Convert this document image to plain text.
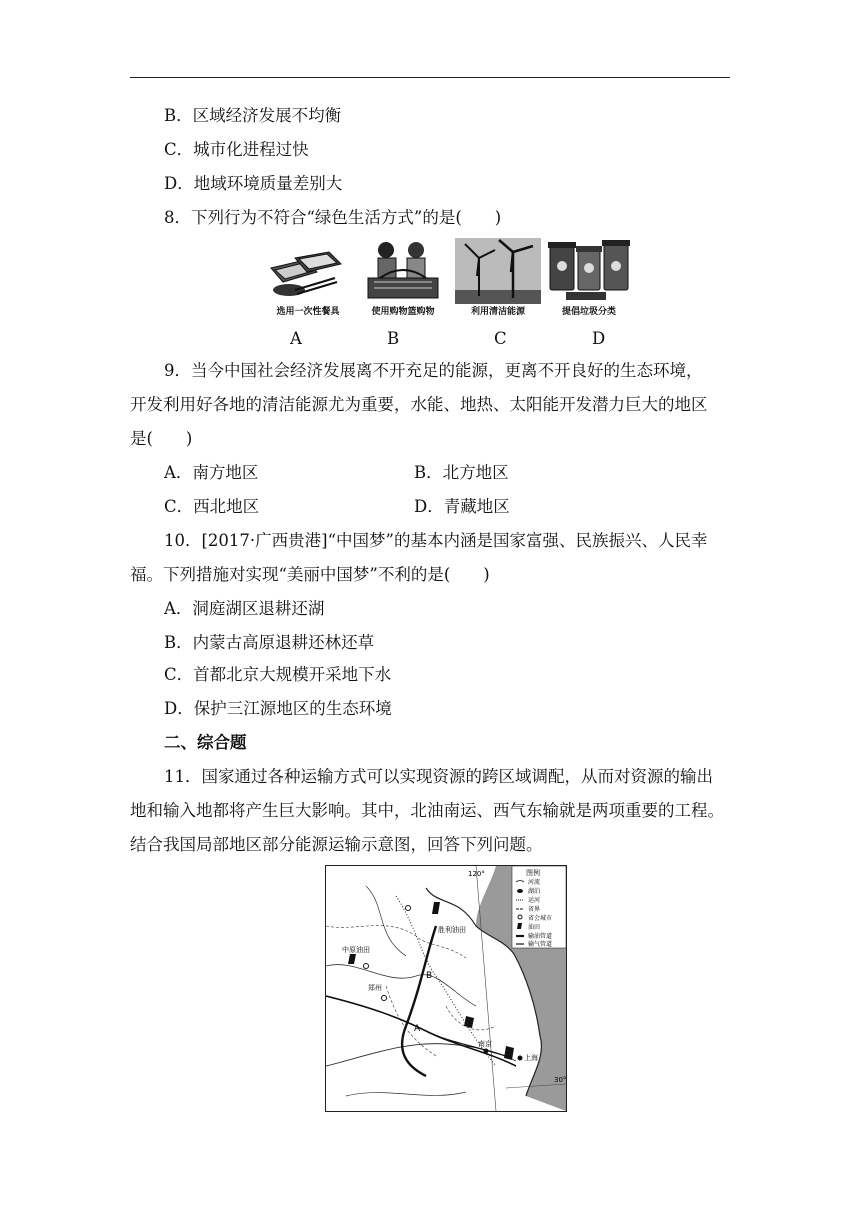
B．区域经济发展不均衡
C．城市化进程过快
D．地域环境质量差别大
8．下列行为不符合“绿色生活方式”的是(　　)
选用一次性餐具	使用购物篮购物	利用清洁能源	提倡垃圾分类
A	B	C	D
9．当今中国社会经济发展离不开充足的能源，更离不开良好的生态环境，
开发利用好各地的清洁能源尤为重要，水能、地热、太阳能开发潜力巨大的地区
是(　　)
A．南方地区	B．北方地区
C．西北地区	D．青藏地区
10．[2017·广西贵港]“中国梦”的基本内涵是国家富强、民族振兴、人民幸
福。下列措施对实现“美丽中国梦”不利的是(　　)
A．洞庭湖区退耕还湖
B．内蒙古高原退耕还林还草
C．首都北京大规模开采地下水
D．保护三江源地区的生态环境
二、综合题
11．国家通过各种运输方式可以实现资源的跨区域调配，从而对资源的输出
地和输入地都将产生巨大影响。其中，北油南运、西气东输就是两项重要的工程。
结合我国局部地区部分能源运输示意图，回答下列问题。
120°
30°
胜利油田
中原油田
郑州
南京
上海
A
B
图例
河流
湖泊
运河
省界
省会城市
油田
输油管道
输气管道
